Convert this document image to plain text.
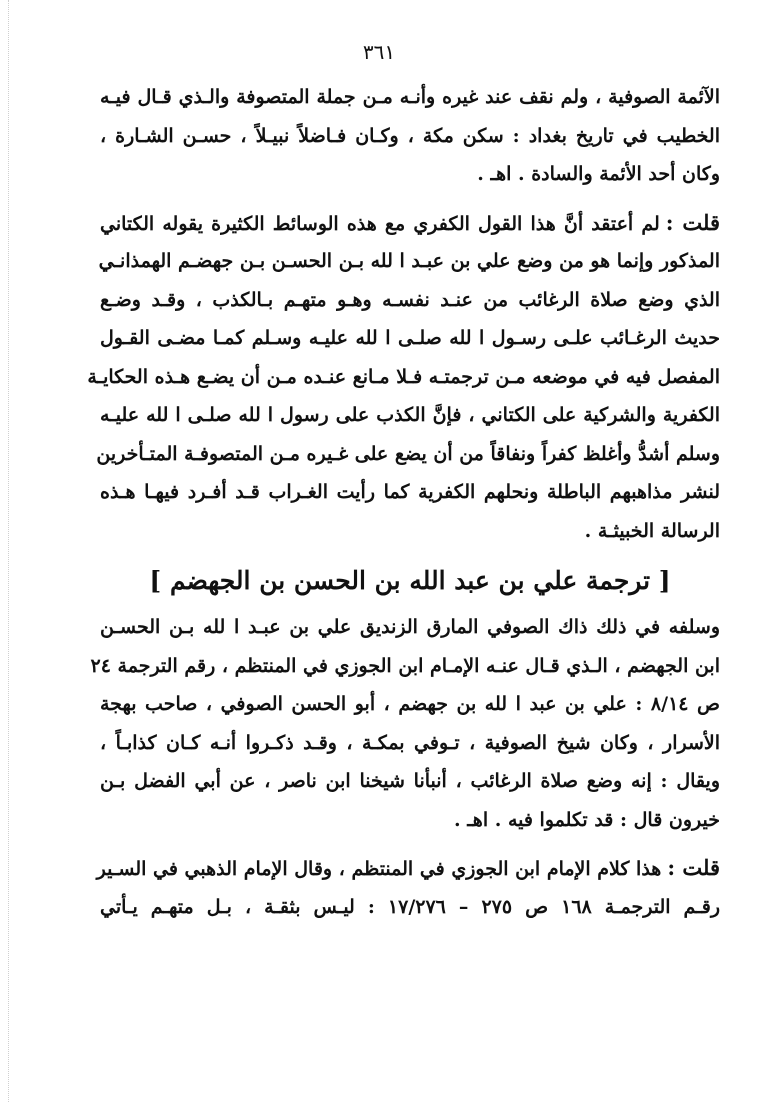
٣٦١
الآئمة الصوفية ، ولم نقف عند غيره وأنـه مـن جملة المتصوفة والـذي قـال فيـه
الخطيب في تاريخ بغداد : سكن مكة ، وكـان فـاضلاً نبيـلاً ، حسـن الشـارة ،
وكان أحد الأئمة والسادة . اهـ .
قلت :لم أعتقد أنَّ هذا القول الكفري مع هذه الوسائط الكثيرة يقوله الكتاني
المذكور وإنما هو من وضع علي بن عبـد ا لله بـن الحسـن بـن جهضـم الهمذانـي
الذي وضع صلاة الرغائب من عنـد نفسـه وهـو متهـم بـالكذب ، وقـد وضـع
حديث الرغـائب علـى رسـول ا لله صلـى ا لله عليـه وسـلم كمـا مضـى القـول
المفصل فيه في موضعه مـن ترجمتـه فـلا مـانع عنـده مـن أن يضـع هـذه الحكايـة
الكفرية والشركية على الكتاني ، فإنَّ الكذب على رسول ا لله صلـى ا لله عليـه
وسلم أشدُّ وأغلظ كفراً ونفاقاً من أن يضع على غـيره مـن المتصوفـة المتـأخرين
لنشر مذاهبهم الباطلة ونحلهم الكفرية كما رأيت الغـراب قـد أفـرد فيهـا هـذه
الرسالة الخبيثـة .
[ ترجمة علي بن عبد الله بن الحسن بن الجهضم ]
وسلفه في ذلك ذاك الصوفي المارق الزنديق علي بن عبـد ا لله بـن الحسـن
ابن الجهضم ، الـذي قـال عنـه الإمـام ابن الجوزي في المنتظم ، رقم الترجمة ٢٤
ص ٨/١٤ : علي بن عبد ا لله بن جهضم ، أبو الحسن الصوفي ، صاحب بهجة
الأسرار ، وكان شيخ الصوفية ، تـوفي بمكـة ، وقـد ذكـروا أنـه كـان كذابـاً ،
ويقال : إنه وضع صلاة الرغائب ، أنبأنا شيخنا ابن ناصر ، عن أبي الفضل بـن
خيرون قال : قد تكلموا فيه . اهـ .
قلت :هذا كلام الإمام ابن الجوزي في المنتظم ، وقال الإمام الذهبي في السـير
رقـم الترجمـة ١٦٨ ص ٢٧٥ – ١٧/٢٧٦ : ليـس بثقـة ، بـل متهـم يـأتي
